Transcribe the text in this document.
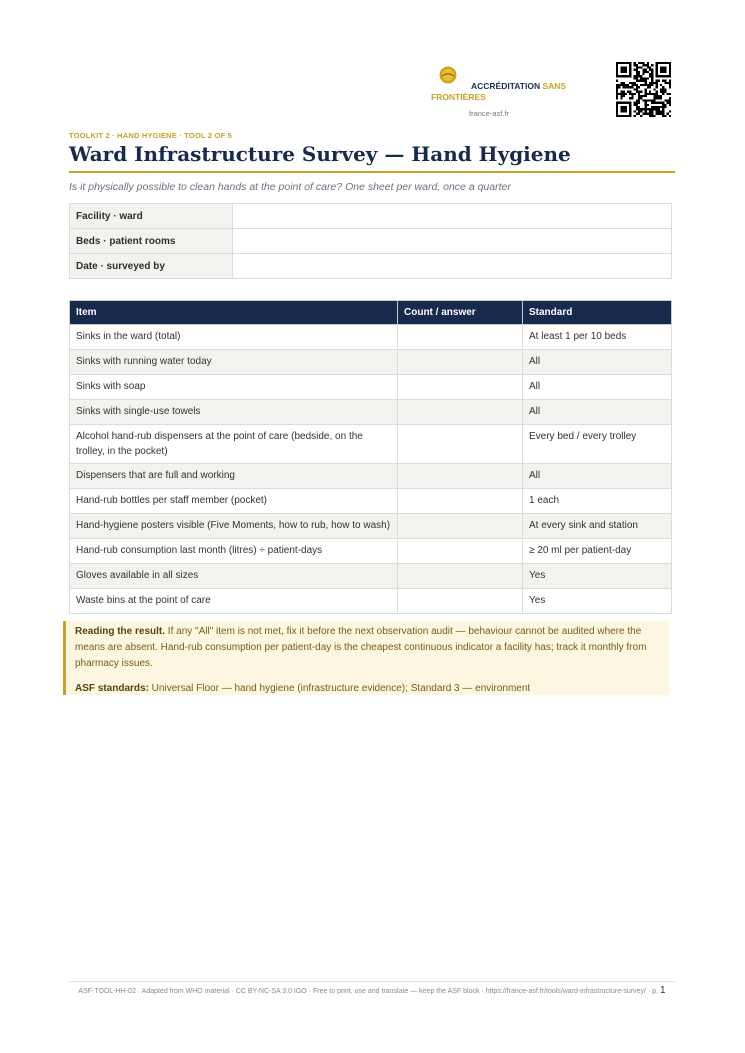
ACCRÉDITATION SANS
FRONTIÈRES
france-asf.fr
TOOLKIT 2 · HAND HYGIENE · TOOL 2 OF 5
Ward Infrastructure Survey — Hand Hygiene
Is it physically possible to clean hands at the point of care? One sheet per ward, once a quarter
Facility · ward	
Beds · patient rooms	
Date · surveyed by	
Item	Count / answer	Standard
Sinks in the ward (total)		At least 1 per 10 beds
Sinks with running water today		All
Sinks with soap		All
Sinks with single-use towels		All
Alcohol hand-rub dispensers at the point of care (bedside, on the trolley, in the pocket)		Every bed / every trolley
Dispensers that are full and working		All
Hand-rub bottles per staff member (pocket)		1 each
Hand-hygiene posters visible (Five Moments, how to rub, how to wash)		At every sink and station
Hand-rub consumption last month (litres) ÷ patient-days		≥ 20 ml per patient-day
Gloves available in all sizes		Yes
Waste bins at the point of care		Yes

Reading the result. If any "All" item is not met, fix it before the next observation audit — behaviour cannot be audited where the means are absent. Hand-rub consumption per patient-day is the cheapest continuous indicator a facility has; track it monthly from pharmacy issues.

ASF standards: Universal Floor — hand hygiene (infrastructure evidence); Standard 3 — environment

ASF-TOOL-HH-02 · Adapted from WHO material · CC BY-NC-SA 3.0 IGO · Free to print, use and translate — keep the ASF block · https://france-asf.fr/tools/ward-infrastructure-survey/ · p. 1
